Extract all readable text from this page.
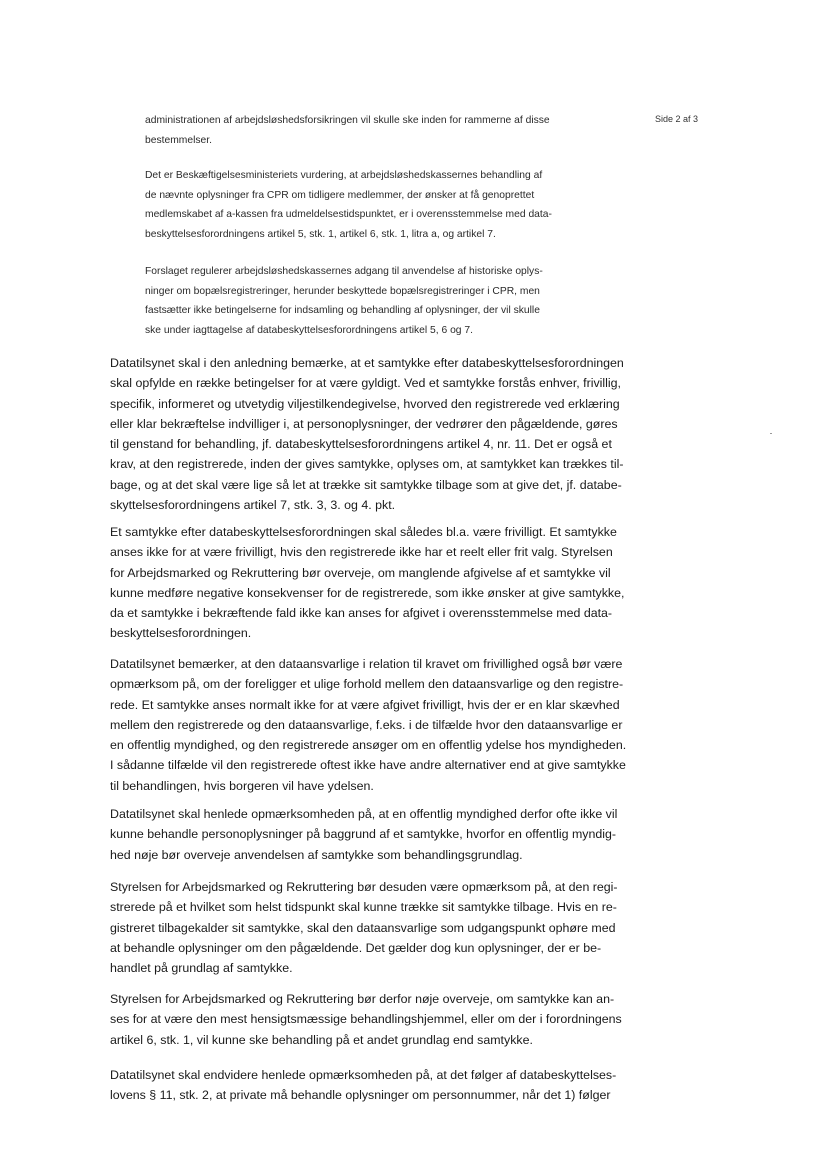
Side 2 af 3
administrationen af arbejdsløshedsforsikringen vil skulle ske inden for rammerne af disse
bestemmelser.
Det er Beskæftigelsesministeriets vurdering, at arbejdsløshedskassernes behandling af
de nævnte oplysninger fra CPR om tidligere medlemmer, der ønsker at få genoprettet
medlemskabet af a-kassen fra udmeldelsestidspunktet, er i overensstemmelse med data-
beskyttelsesforordningens artikel 5, stk. 1, artikel 6, stk. 1, litra a, og artikel 7.
Forslaget regulerer arbejdsløshedskassernes adgang til anvendelse af historiske oplys-
ninger om bopælsregistreringer, herunder beskyttede bopælsregistreringer i CPR, men
fastsætter ikke betingelserne for indsamling og behandling af oplysninger, der vil skulle
ske under iagttagelse af databeskyttelsesforordningens artikel 5, 6 og 7.
Datatilsynet skal i den anledning bemærke, at et samtykke efter databeskyttelsesforordningen
skal opfylde en række betingelser for at være gyldigt. Ved et samtykke forstås enhver, frivillig,
specifik, informeret og utvetydig viljestilkendegivelse, hvorved den registrerede ved erklæring
eller klar bekræftelse indvilliger i, at personoplysninger, der vedrører den pågældende, gøres
til genstand for behandling, jf. databeskyttelsesforordningens artikel 4, nr. 11. Det er også et
krav, at den registrerede, inden der gives samtykke, oplyses om, at samtykket kan trækkes til-
bage, og at det skal være lige så let at trække sit samtykke tilbage som at give det, jf. databe-
skyttelsesforordningens artikel 7, stk. 3, 3. og 4. pkt.
Et samtykke efter databeskyttelsesforordningen skal således bl.a. være frivilligt. Et samtykke
anses ikke for at være frivilligt, hvis den registrerede ikke har et reelt eller frit valg. Styrelsen
for Arbejdsmarked og Rekruttering bør overveje, om manglende afgivelse af et samtykke vil
kunne medføre negative konsekvenser for de registrerede, som ikke ønsker at give samtykke,
da et samtykke i bekræftende fald ikke kan anses for afgivet i overensstemmelse med data-
beskyttelsesforordningen.
Datatilsynet bemærker, at den dataansvarlige i relation til kravet om frivillighed også bør være
opmærksom på, om der foreligger et ulige forhold mellem den dataansvarlige og den registre-
rede. Et samtykke anses normalt ikke for at være afgivet frivilligt, hvis der er en klar skævhed
mellem den registrerede og den dataansvarlige, f.eks. i de tilfælde hvor den dataansvarlige er
en offentlig myndighed, og den registrerede ansøger om en offentlig ydelse hos myndigheden.
I sådanne tilfælde vil den registrerede oftest ikke have andre alternativer end at give samtykke
til behandlingen, hvis borgeren vil have ydelsen.
Datatilsynet skal henlede opmærksomheden på, at en offentlig myndighed derfor ofte ikke vil
kunne behandle personoplysninger på baggrund af et samtykke, hvorfor en offentlig myndig-
hed nøje bør overveje anvendelsen af samtykke som behandlingsgrundlag.
Styrelsen for Arbejdsmarked og Rekruttering bør desuden være opmærksom på, at den regi-
strerede på et hvilket som helst tidspunkt skal kunne trække sit samtykke tilbage. Hvis en re-
gistreret tilbagekalder sit samtykke, skal den dataansvarlige som udgangspunkt ophøre med
at behandle oplysninger om den pågældende. Det gælder dog kun oplysninger, der er be-
handlet på grundlag af samtykke.
Styrelsen for Arbejdsmarked og Rekruttering bør derfor nøje overveje, om samtykke kan an-
ses for at være den mest hensigtsmæssige behandlingshjemmel, eller om der i forordningens
artikel 6, stk. 1, vil kunne ske behandling på et andet grundlag end samtykke.
Datatilsynet skal endvidere henlede opmærksomheden på, at det følger af databeskyttelses-
lovens § 11, stk. 2, at private må behandle oplysninger om personnummer, når det 1) følger
